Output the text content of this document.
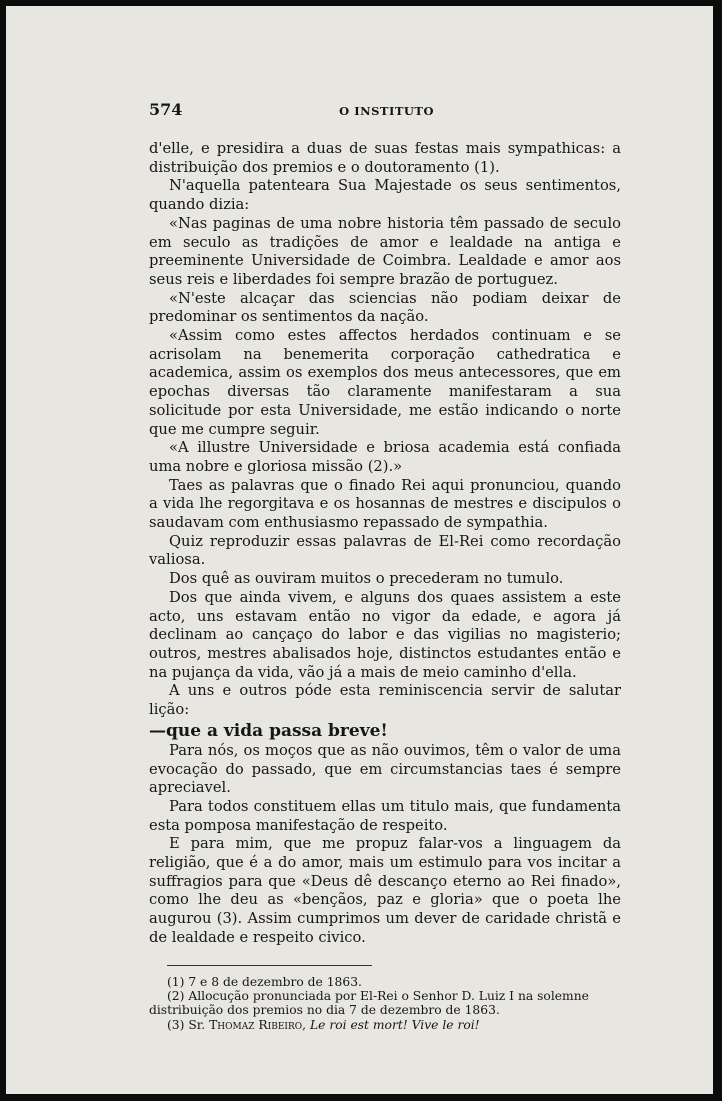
574	O INSTITUTO

d'elle, e presidira a duas de suas festas mais sympathicas: a distribuição dos premios e o doutoramento (1).

N'aquella patenteara Sua Majestade os seus sentimentos, quando dizia:

«Nas paginas de uma nobre historia têm passado de seculo em seculo as tradições de amor e lealdade na antiga e preeminente Universidade de Coimbra. Lealdade e amor aos seus reis e liberdades foi sempre brazão de portuguez.

«N'este alcaçar das sciencias não podiam deixar de predominar os sentimentos da nação.

«Assim como estes affectos herdados continuam e se acrisolam na benemerita corporação cathedratica e academica, assim os exemplos dos meus antecessores, que em epochas diversas tão claramente manifestaram a sua solicitude por esta Universidade, me estão indicando o norte que me cumpre seguir.

«A illustre Universidade e briosa academia está confiada uma nobre e gloriosa missão (2).»

Taes as palavras que o finado Rei aqui pronunciou, quando a vida lhe regorgitava e os hosannas de mestres e discipulos o saudavam com enthusiasmo repassado de sympathia.

Quiz reproduzir essas palavras de El-Rei como recordação valiosa.

Dos quê as ouviram muitos o precederam no tumulo.

Dos que ainda vivem, e alguns dos quaes assistem a este acto, uns estavam então no vigor da edade, e agora já declinam ao cançaço do labor e das vigilias no magisterio; outros, mestres abalisados hoje, distinctos estudantes então e na pujança da vida, vão já a mais de meio caminho d'ella.

A uns e outros póde esta reminiscencia servir de salutar lição:

—que a vida passa breve!

Para nós, os moços que as não ouvimos, têm o valor de uma evocação do passado, que em circumstancias taes é sempre apreciavel.

Para todos constituem ellas um titulo mais, que fundamenta esta pomposa manifestação de respeito.

E para mim, que me propuz falar-vos a linguagem da religião, que é a do amor, mais um estimulo para vos incitar a suffragios para que «Deus dê descanço eterno ao Rei finado», como lhe deu as «bençãos, paz e gloria» que o poeta lhe augurou (3). Assim cumprimos um dever de caridade christã e de lealdade e respeito civico.

(1) 7 e 8 de dezembro de 1863.

(2) Allocução pronunciada por El-Rei o Senhor D. Luiz I na solemne

distribuição dos premios no dia 7 de dezembro de 1863.

(3) Sr. Thomaz Ribeiro, Le roi est mort! Vive le roi!
